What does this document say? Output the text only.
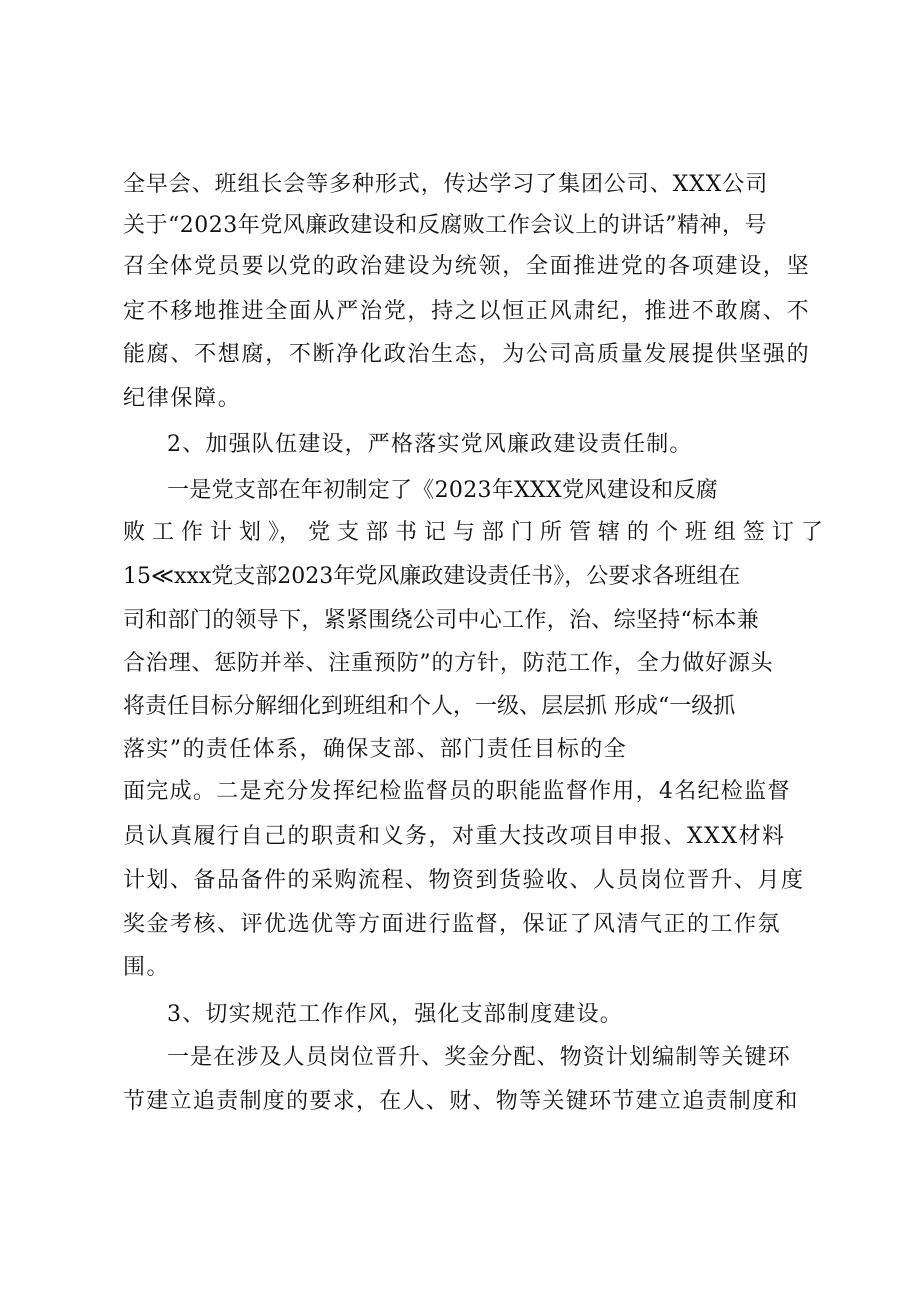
全早会、班组长会等多种形式，传达学习了集团公司、XXX公司

关于“2023年党风廉政建设和反腐败工作会议上的讲话”精神，号

召全体党员要以党的政治建设为统领，全面推进党的各项建设，坚

定不移地推进全面从严治党，持之以恒正风肃纪，推进不敢腐、不

能腐、不想腐，不断净化政治生态，为公司高质量发展提供坚强的

纪律保障。

2、加强队伍建设，严格落实党风廉政建设责任制。

一是党支部在年初制定了《2023年XXX党风建设和反腐

败 工 作 计 划 》， 党 支 部 书 记 与 部 门 所 管 辖 的 个 班 组 签 订 了

15≪xxx党支部2023年党风廉政建设责任书》，公要求各班组在

司和部门的领导下，紧紧围绕公司中心工作，治、综坚持“标本兼

合治理、惩防并举、注重预防”的方针，防范工作，全力做好源头

将责任目标分解细化到班组和个人，一级、层层抓 形成“一级抓

落实”的责任体系，确保支部、部门责任目标的全

面完成。二是充分发挥纪检监督员的职能监督作用，4名纪检监督

员认真履行自己的职责和义务，对重大技改项目申报、XXX材料

计划、备品备件的采购流程、物资到货验收、人员岗位晋升、月度

奖金考核、评优选优等方面进行监督，保证了风清气正的工作氛

围。

3、切实规范工作作风，强化支部制度建设。

一是在涉及人员岗位晋升、奖金分配、物资计划编制等关键环

节建立追责制度的要求，在人、财、物等关键环节建立追责制度和
